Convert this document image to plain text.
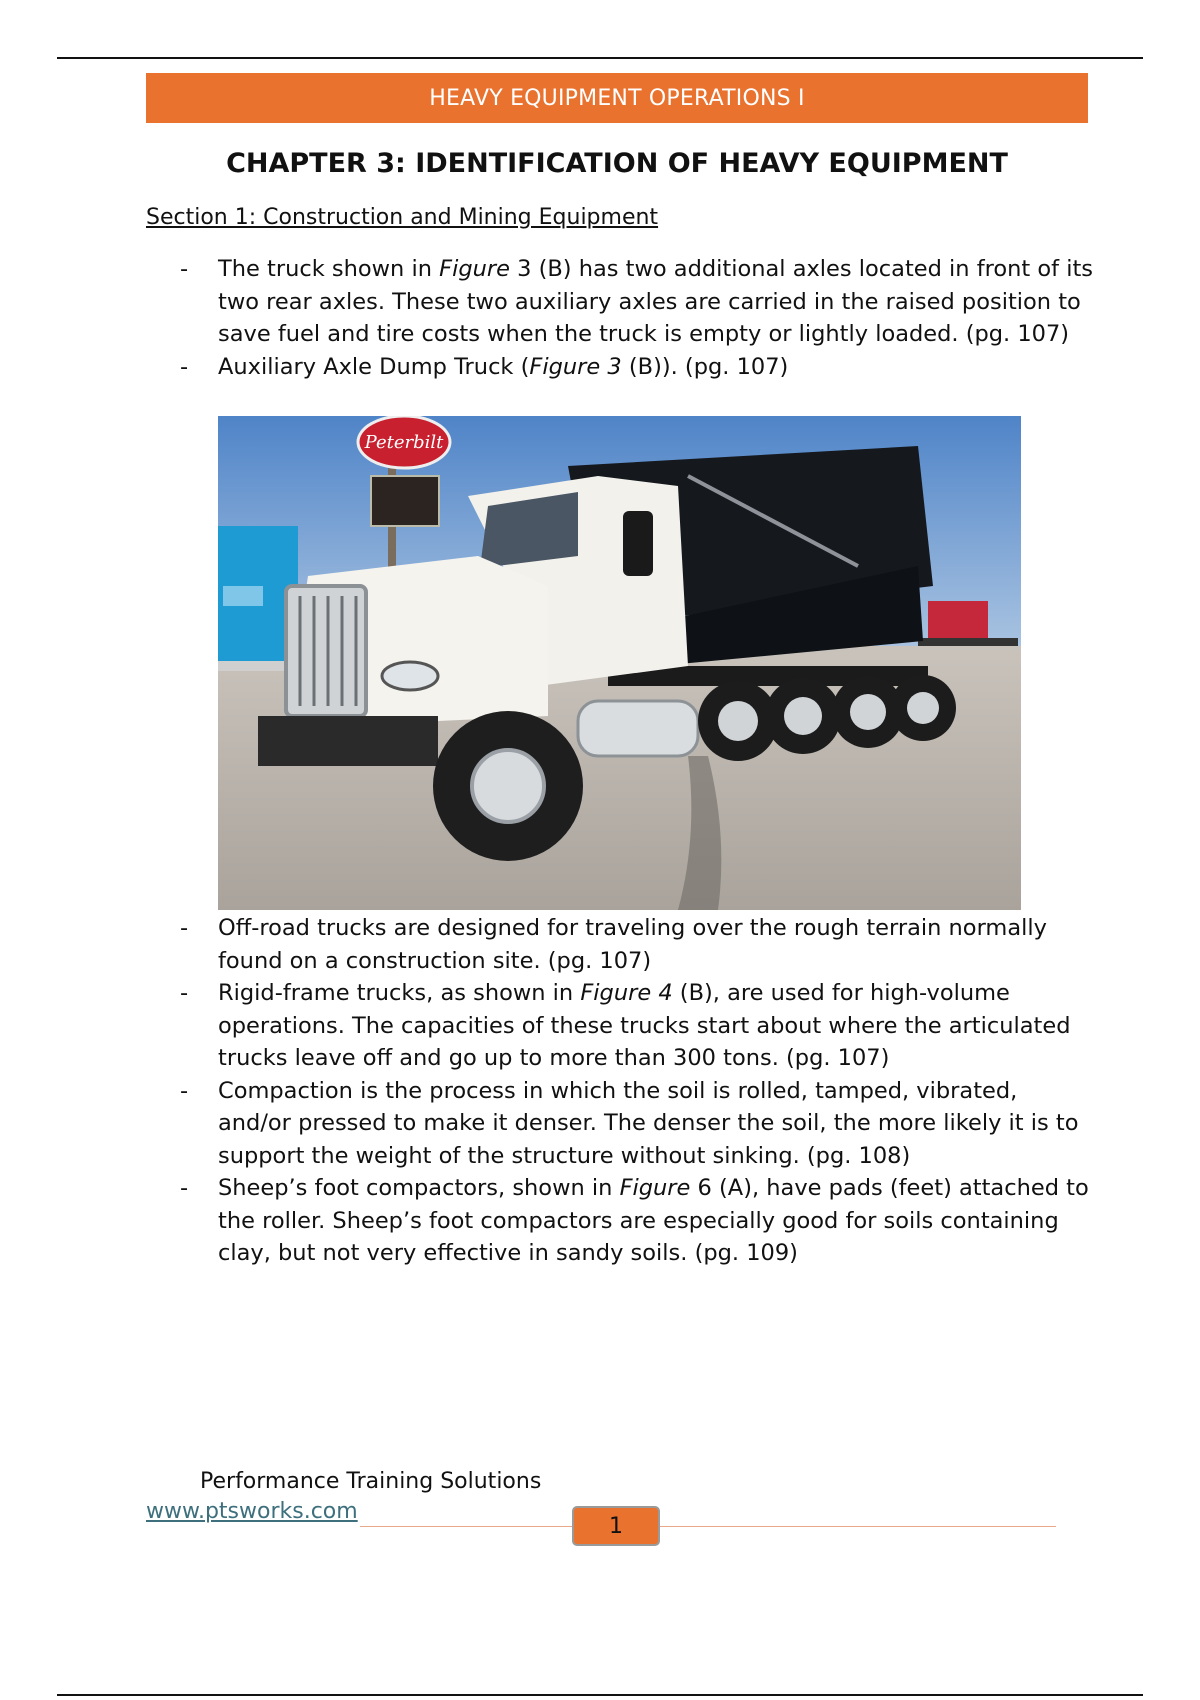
HEAVY EQUIPMENT OPERATIONS I
CHAPTER 3: IDENTIFICATION OF HEAVY EQUIPMENT
Section 1: Construction and Mining Equipment
- The truck shown in Figure 3 (B) has two additional axles located in front of its two rear axles. These two auxiliary axles are carried in the raised position to save fuel and tire costs when the truck is empty or lightly loaded. (pg. 107)
- Auxiliary Axle Dump Truck (Figure 3 (B)). (pg. 107)
Peterbilt
- Off-road trucks are designed for traveling over the rough terrain normally found on a construction site. (pg. 107)
- Rigid-frame trucks, as shown in Figure 4 (B), are used for high-volume operations. The capacities of these trucks start about where the articulated trucks leave off and go up to more than 300 tons. (pg. 107)
- Compaction is the process in which the soil is rolled, tamped, vibrated, and/or pressed to make it denser. The denser the soil, the more likely it is to support the weight of the structure without sinking. (pg. 108)
- Sheep’s foot compactors, shown in Figure 6 (A), have pads (feet) attached to the roller. Sheep’s foot compactors are especially good for soils containing clay, but not very effective in sandy soils. (pg. 109)
Performance Training Solutions
www.ptsworks.com
1
